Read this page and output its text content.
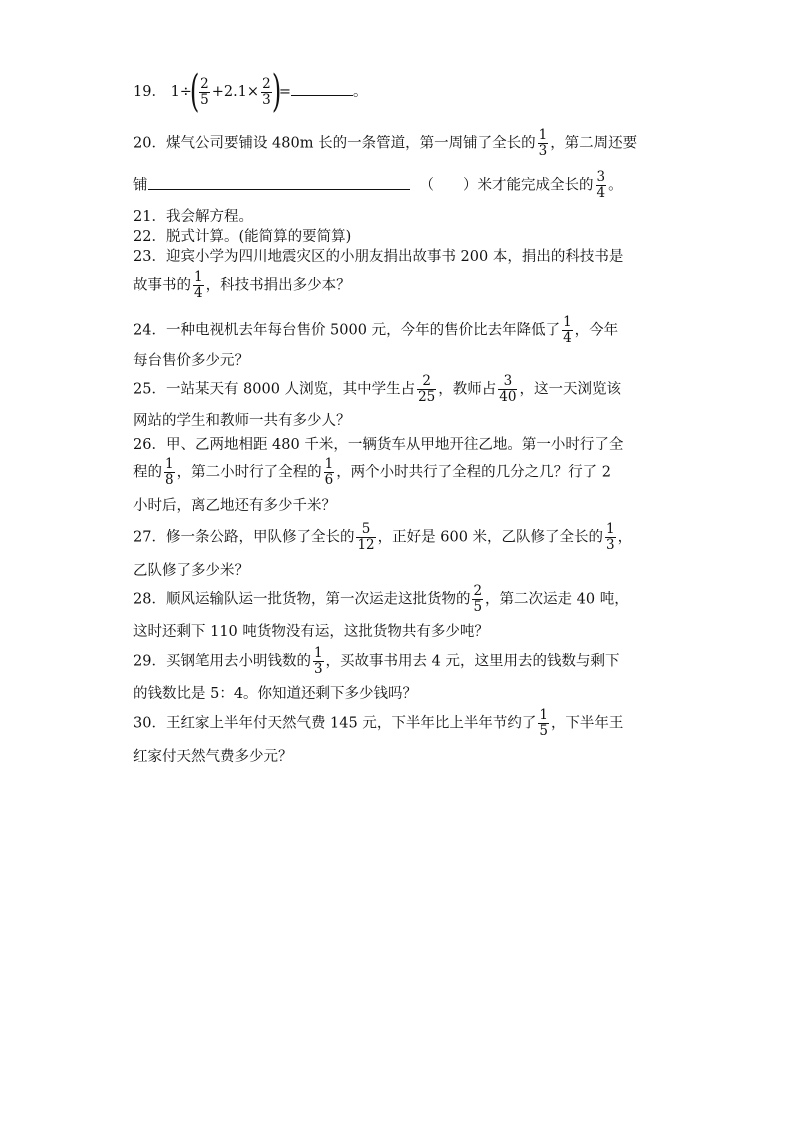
19． $1\div( \frac{2}{5} +2.1\times \frac{2}{3}$ )=	。
20．煤气公司要铺设 480m 长的一条管道，第一周铺了全长的 $\frac{1}{3}$ ，第二周还要
铺	（　　）米才能完成全长的 $\frac{3}{4}$ 。
21．我会解方程。
22．脱式计算。(能简算的要简算)
23．迎宾小学为四川地震灾区的小朋友捐出故事书 200 本，捐出的科技书是
故事书的 $\frac{1}{4}$ ，科技书捐出多少本？
24．一种电视机去年每台售价 5000 元，今年的售价比去年降低了 $\frac{1}{4}$ ，今年
每台售价多少元？
25．一站某天有 8000 人浏览，其中学生占 $\frac{2}{25}$ ，教师占 $\frac{3}{40}$ ，这一天浏览该
网站的学生和教师一共有多少人？
26．甲、乙两地相距 480 千米，一辆货车从甲地开往乙地。第一小时行了全
程的 $\frac{1}{8}$ ，第二小时行了全程的 $\frac{1}{6}$ ，两个小时共行了全程的几分之几？行了 2
小时后，离乙地还有多少千米？
27．修一条公路，甲队修了全长的 $\frac{5}{12}$ ，正好是 600 米，乙队修了全长的 $\frac{1}{3}$ ，
乙队修了多少米？
28．顺风运输队运一批货物，第一次运走这批货物的 $\frac{2}{5}$ ，第二次运走 40 吨，
这时还剩下 110 吨货物没有运，这批货物共有多少吨？
29．买钢笔用去小明钱数的 $\frac{1}{3}$ ，买故事书用去 4 元，这里用去的钱数与剩下
的钱数比是 5：4。你知道还剩下多少钱吗？
30．王红家上半年付天然气费 145 元，下半年比上半年节约了 $\frac{1}{5}$ ，下半年王
红家付天然气费多少元？
